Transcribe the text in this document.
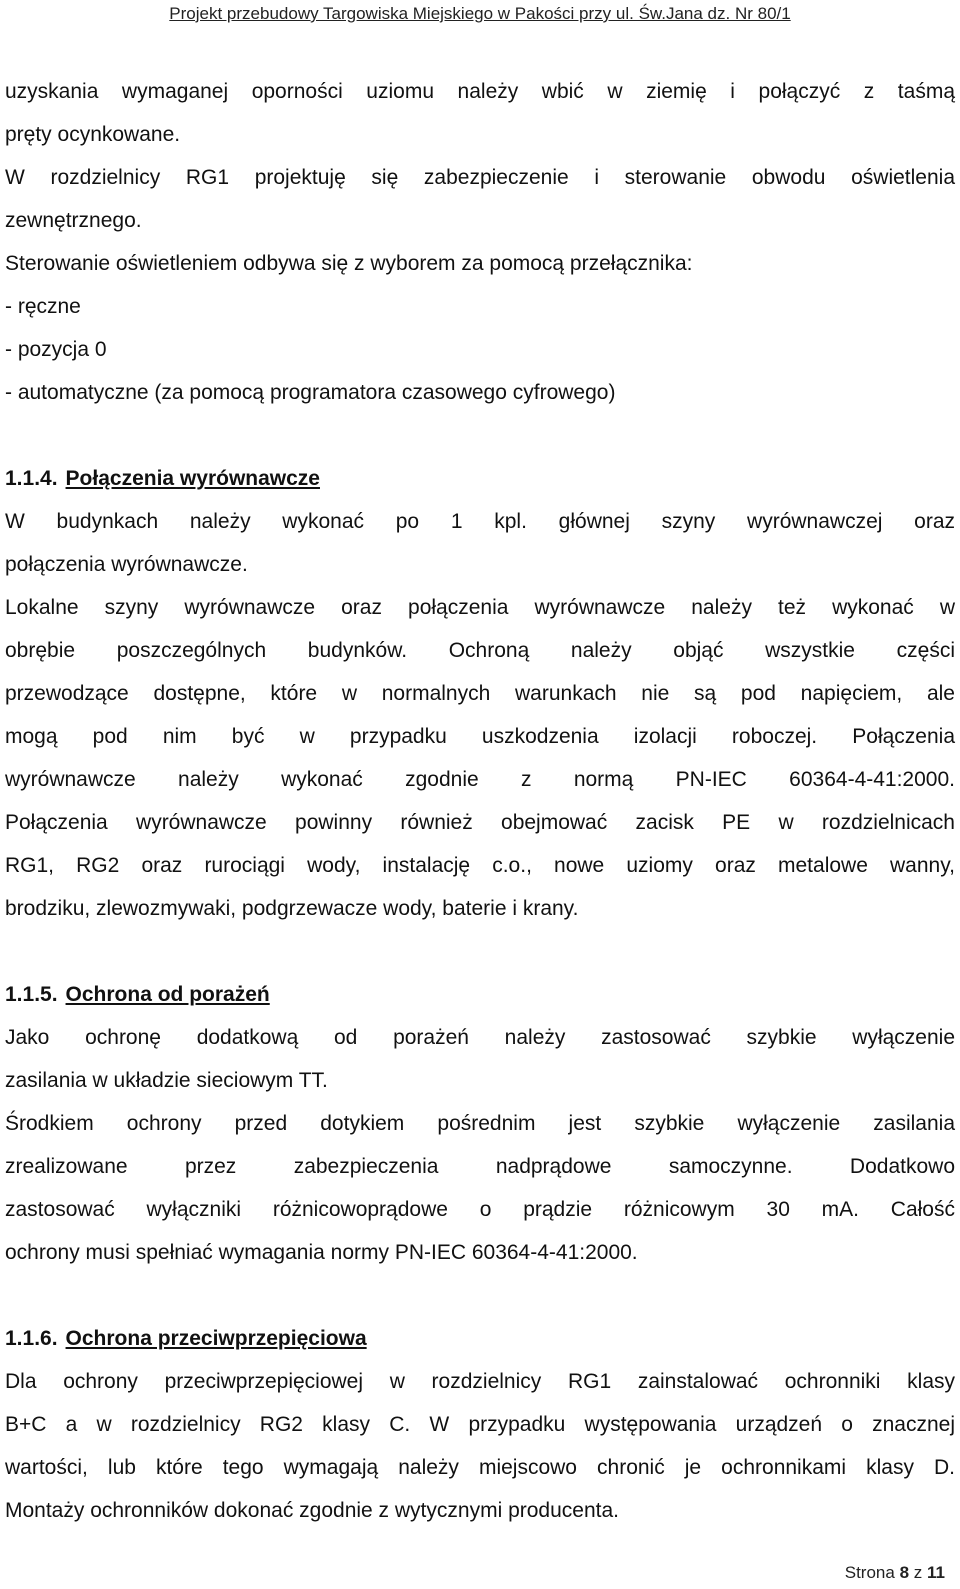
Projekt przebudowy Targowiska Miejskiego w Pakości przy ul. Św.Jana dz. Nr 80/1
uzyskania wymaganej oporności uziomu należy wbić w ziemię i połączyć z taśmą
pręty ocynkowane.
W rozdzielnicy RG1 projektuję się zabezpieczenie i sterowanie obwodu oświetlenia
zewnętrznego.
Sterowanie oświetleniem odbywa się z wyborem za pomocą przełącznika:
- ręczne
- pozycja 0
- automatyczne (za pomocą programatora czasowego cyfrowego)
1.1.4. Połączenia wyrównawcze
W budynkach należy wykonać po 1 kpl. głównej szyny wyrównawczej oraz
połączenia wyrównawcze.
Lokalne szyny wyrównawcze oraz połączenia wyrównawcze należy też wykonać w
obrębie poszczególnych budynków. Ochroną należy objąć wszystkie części
przewodzące dostępne, które w normalnych warunkach nie są pod napięciem, ale
mogą pod nim być w przypadku uszkodzenia izolacji roboczej. Połączenia
wyrównawcze należy wykonać zgodnie z normą PN-IEC 60364-4-41:2000.
Połączenia wyrównawcze powinny również obejmować zacisk PE w rozdzielnicach
RG1, RG2 oraz rurociągi wody, instalację c.o., nowe uziomy oraz metalowe wanny,
brodziku, zlewozmywaki, podgrzewacze wody, baterie i krany.
1.1.5. Ochrona od porażeń
Jako ochronę dodatkową od porażeń należy zastosować szybkie wyłączenie
zasilania w układzie sieciowym TT.
Środkiem ochrony przed dotykiem pośrednim jest szybkie wyłączenie zasilania
zrealizowane przez zabezpieczenia nadprądowe samoczynne. Dodatkowo
zastosować wyłączniki różnicowoprądowe o prądzie różnicowym 30 mA. Całość
ochrony musi spełniać wymagania normy PN-IEC 60364-4-41:2000.
1.1.6. Ochrona przeciwprzepięciowa
Dla ochrony przeciwprzepięciowej w rozdzielnicy RG1 zainstalować ochronniki klasy
B+C a w rozdzielnicy RG2 klasy C. W przypadku występowania urządzeń o znacznej
wartości, lub które tego wymagają należy miejscowo chronić je ochronnikami klasy D.
Montaży ochronników dokonać zgodnie z wytycznymi producenta.
Strona 8 z 11
